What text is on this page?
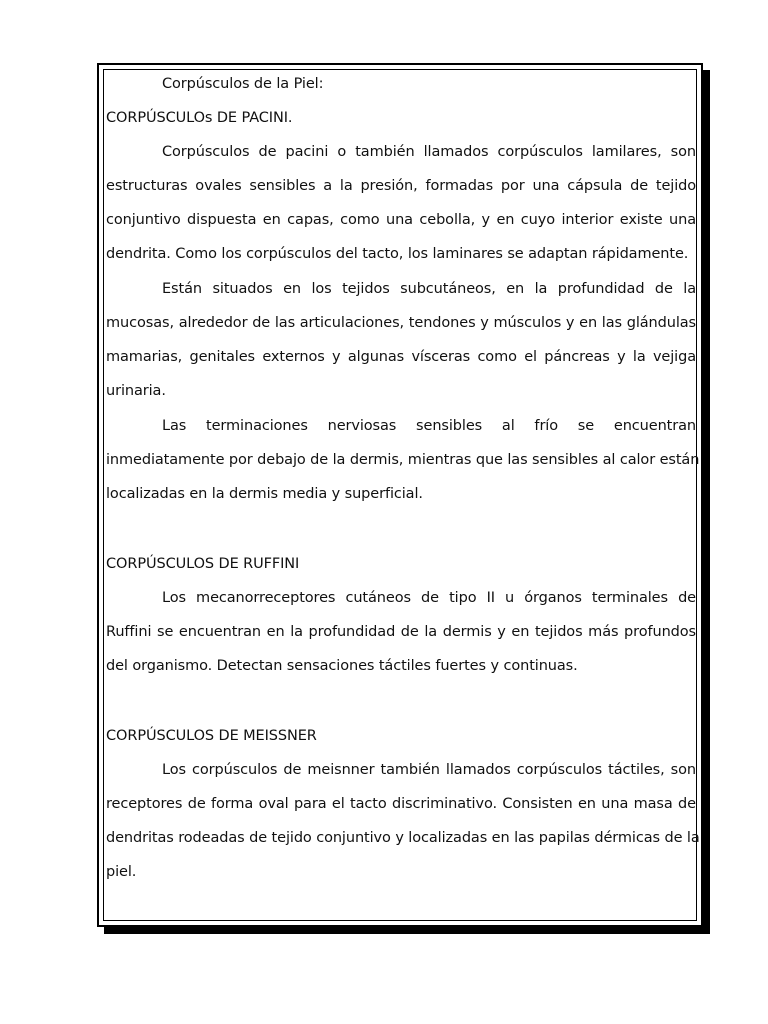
Corpúsculos de la Piel:
CORPÚSCULOs DE PACINI.
Corpúsculos de pacini o también llamados corpúsculos lamilares, son
estructuras ovales sensibles a la presión, formadas por una cápsula de tejido
conjuntivo dispuesta en capas, como una cebolla, y en cuyo interior existe una
dendrita. Como los corpúsculos del tacto, los laminares se adaptan rápidamente.
Están situados en los tejidos subcutáneos, en la profundidad de la
mucosas, alrededor de las articulaciones, tendones y músculos y en las glándulas
mamarias, genitales externos y algunas vísceras como el páncreas y la vejiga
urinaria.
Las terminaciones nerviosas sensibles al frío se encuentran
inmediatamente por debajo de la dermis, mientras que las sensibles al calor están
localizadas en la dermis media y superficial.
CORPÚSCULOS DE RUFFINI
Los mecanorreceptores cutáneos de tipo II u órganos terminales de
Ruffini se encuentran en la profundidad de la dermis y en tejidos más profundos
del organismo. Detectan sensaciones táctiles fuertes y continuas.
CORPÚSCULOS DE MEISSNER
Los corpúsculos de meisnner también llamados corpúsculos táctiles, son
receptores de forma oval para el tacto discriminativo. Consisten en una masa de
dendritas rodeadas de tejido conjuntivo y localizadas en las papilas dérmicas de la
piel.
